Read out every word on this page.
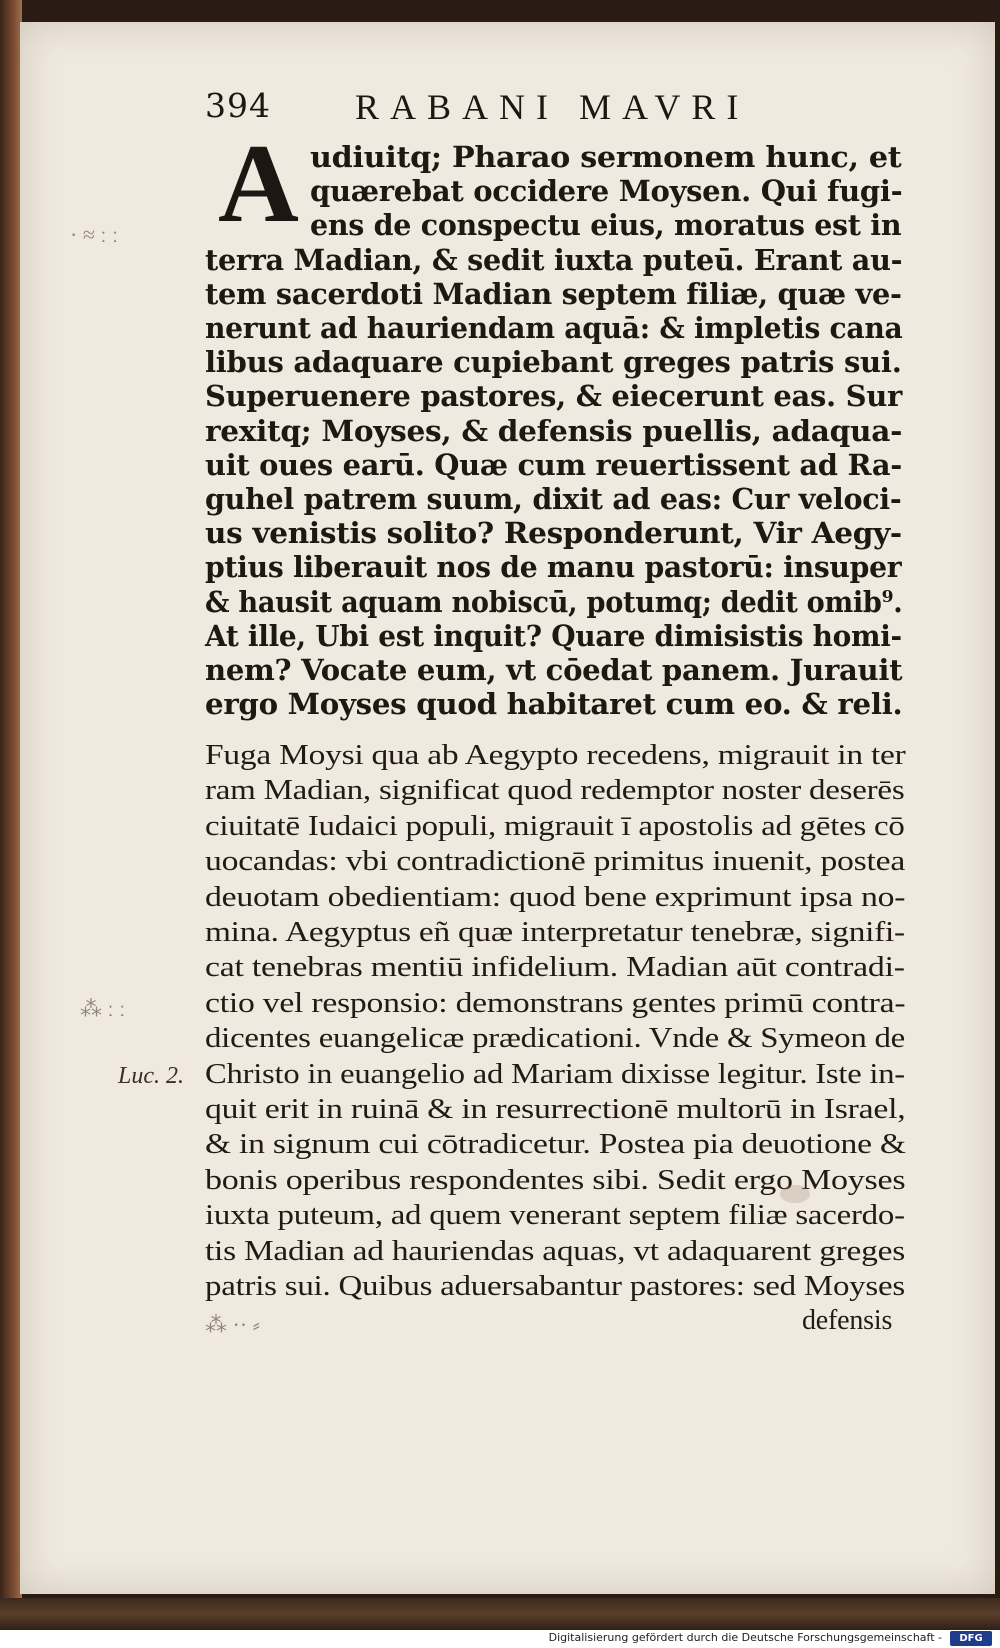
394 RABANI MAVRI
A udiuitq; Pharao sermonem hunc, et
quærebat occidere Moysen. Qui fugi-
ens de conspectu eius, moratus est in
terra Madian, & sedit iuxta puteū. Erant au-
tem sacerdoti Madian septem filiæ, quæ ve-
nerunt ad hauriendam aquā: & impletis cana
libus adaquare cupiebant greges patris sui.
Superuenere pastores, & eiecerunt eas. Sur
rexitq; Moyses, & defensis puellis, adaqua-
uit oues earū. Quæ cum reuertissent ad Ra-
guhel patrem suum, dixit ad eas: Cur veloci-
us venistis solito? Responderunt, Vir Aegy-
ptius liberauit nos de manu pastorū: insuper
& hausit aquam nobiscū, potumq; dedit omib⁹.
At ille, Ubi est inquit? Quare dimisistis homi-
nem? Vocate eum, vt cōedat panem. Jurauit
ergo Moyses quod habitaret cum eo. & reli.
Fuga Moysi qua ab Aegypto recedens, migrauit in ter
ram Madian, significat quod redemptor noster deserēs
ciuitatē Iudaici populi, migrauit ī apostolis ad gētes cō
uocandas: vbi contradictionē primitus inuenit, postea
deuotam obedientiam: quod bene exprimunt ipsa no-
mina. Aegyptus eñ quæ interpretatur tenebræ, signifi-
cat tenebras mentiū infidelium. Madian aūt contradi-
ctio vel responsio: demonstrans gentes primū contra-
dicentes euangelicæ prædicationi. Vnde & Symeon de
Christo in euangelio ad Mariam dixisse legitur. Iste in-
quit erit in ruinā & in resurrectionē multorū in Israel,
& in signum cui cōtradicetur. Postea pia deuotione &
bonis operibus respondentes sibi. Sedit ergo Moyses
iuxta puteum, ad quem venerant septem filiæ sacerdo-
tis Madian ad hauriendas aquas, vt adaquarent greges
patris sui. Quibus aduersabantur pastores: sed Moyses
defensis
Luc. 2.
· ≈ ː ː
⁂ ː ː
⁂ ·· ⸗
Digitalisierung gefördert durch die Deutsche Forschungsgemeinschaft -	DFG
